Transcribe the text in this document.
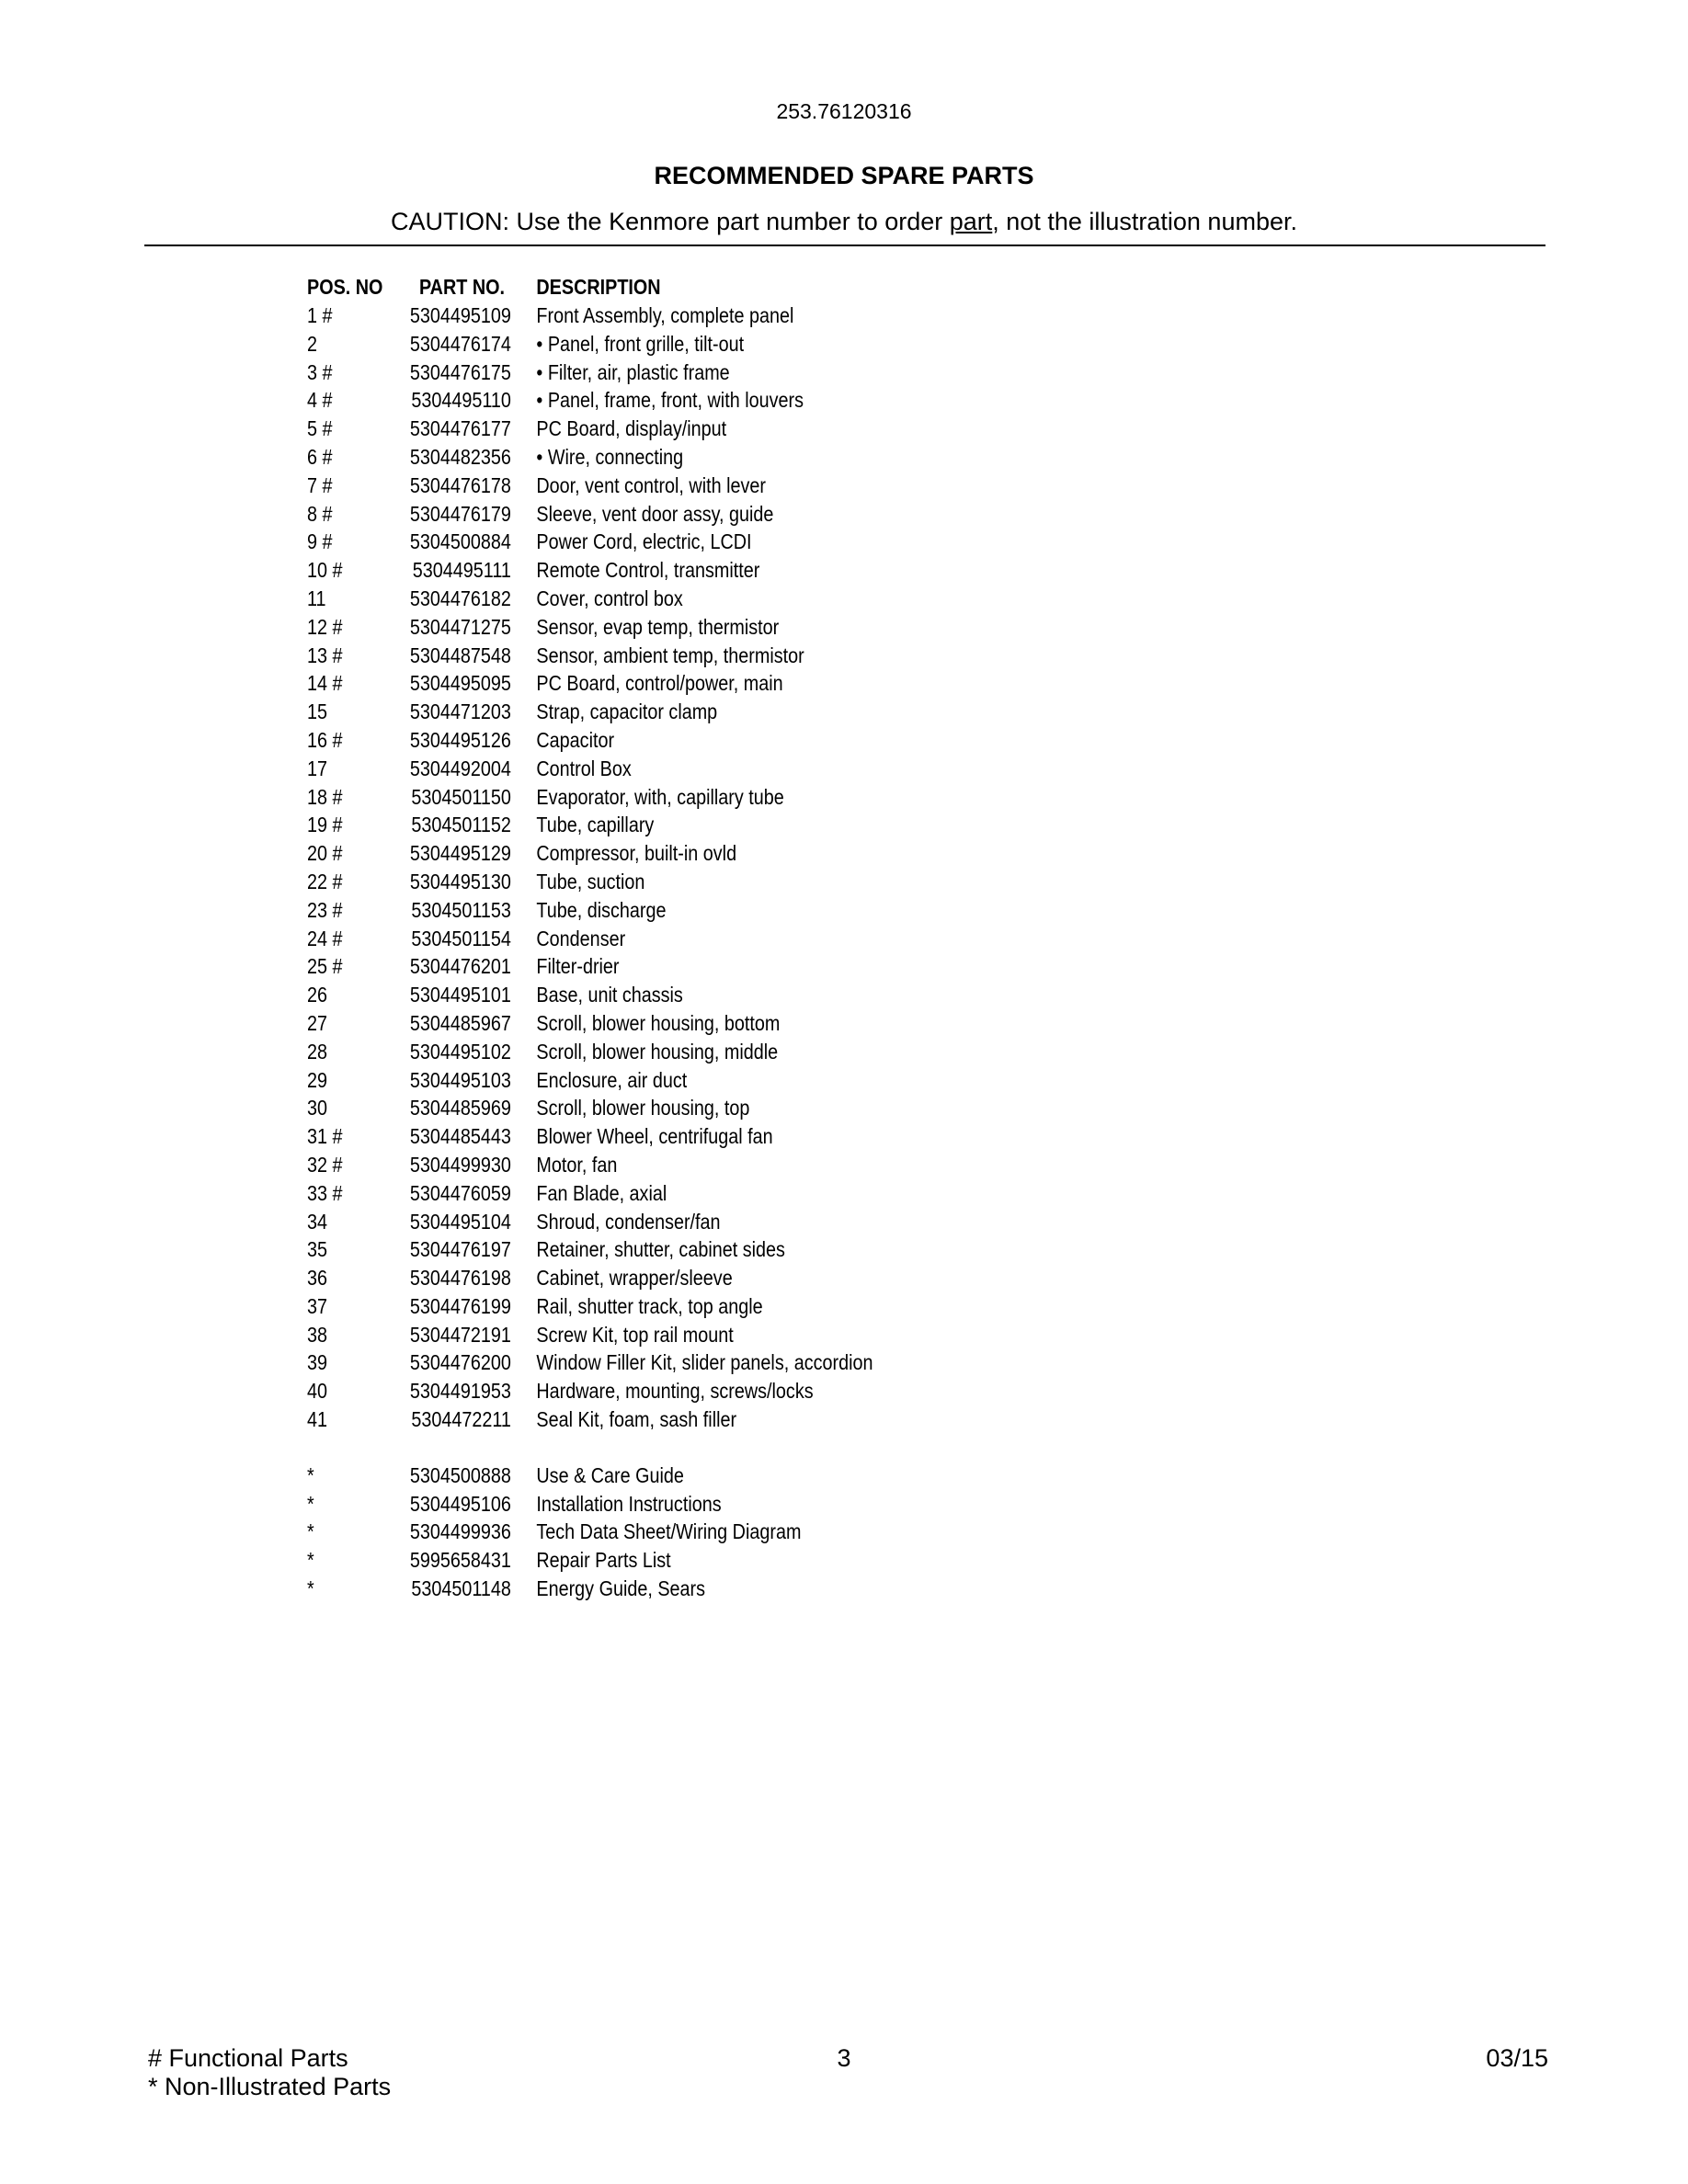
253.76120316
RECOMMENDED SPARE PARTS
CAUTION: Use the Kenmore part number to order part, not the illustration number.
POS. NO	PART NO. DESCRIPTION
1 #	5304495109 Front Assembly, complete panel
2	5304476174 • Panel, front grille, tilt-out
3 #	5304476175 • Filter, air, plastic frame
4 #	5304495110 • Panel, frame, front, with louvers
5 #	5304476177 PC Board, display/input
6 #	5304482356 • Wire, connecting
7 #	5304476178 Door, vent control, with lever
8 #	5304476179 Sleeve, vent door assy, guide
9 #	5304500884 Power Cord, electric, LCDI
10 #	5304495111 Remote Control, transmitter
11	5304476182 Cover, control box
12 #	5304471275 Sensor, evap temp, thermistor
13 #	5304487548 Sensor, ambient temp, thermistor
14 #	5304495095 PC Board, control/power, main
15	5304471203 Strap, capacitor clamp
16 #	5304495126 Capacitor
17	5304492004 Control Box
18 #	5304501150 Evaporator, with, capillary tube
19 #	5304501152 Tube, capillary
20 #	5304495129 Compressor, built-in ovld
22 #	5304495130 Tube, suction
23 #	5304501153 Tube, discharge
24 #	5304501154 Condenser
25 #	5304476201 Filter-drier
26	5304495101 Base, unit chassis
27	5304485967 Scroll, blower housing, bottom
28	5304495102 Scroll, blower housing, middle
29	5304495103 Enclosure, air duct
30	5304485969 Scroll, blower housing, top
31 #	5304485443 Blower Wheel, centrifugal fan
32 #	5304499930 Motor, fan
33 #	5304476059 Fan Blade, axial
34	5304495104 Shroud, condenser/fan
35	5304476197 Retainer, shutter, cabinet sides
36	5304476198 Cabinet, wrapper/sleeve
37	5304476199 Rail, shutter track, top angle
38	5304472191 Screw Kit, top rail mount
39	5304476200 Window Filler Kit, slider panels, accordion
40	5304491953 Hardware, mounting, screws/locks
41	5304472211 Seal Kit, foam, sash filler
*	5304500888 Use & Care Guide
*	5304495106 Installation Instructions
*	5304499936 Tech Data Sheet/Wiring Diagram
*	5995658431 Repair Parts List
*	5304501148 Energy Guide, Sears
# Functional Parts
* Non-Illustrated Parts
3	03/15
